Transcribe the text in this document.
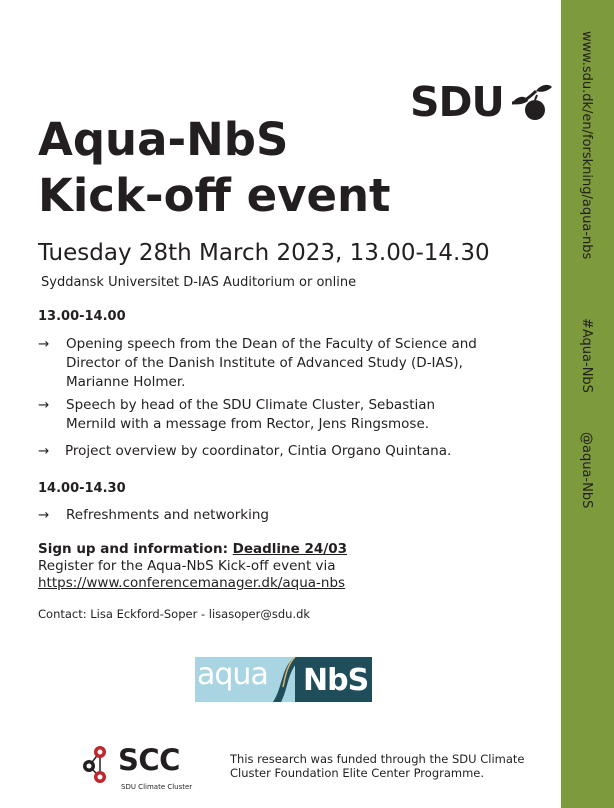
www.sdu.dk/en/forskning/aqua-nbs
#Aqua-NbS
@aqua-NbS
SDU
Aqua-NbS
Kick-off event
Tuesday 28th March 2023, 13.00-14.30
Syddansk Universitet D-IAS Auditorium or online
13.00-14.00
→	Opening speech from the Dean of the Faculty of Science and Director of the Danish Institute of Advanced Study (D-IAS), Marianne Holmer.
→	Speech by head of the SDU Climate Cluster, Sebastian Mernild with a message from Rector, Jens Ringsmose.
→	Project overview by coordinator, Cintia Organo Quintana.
14.00-14.30
→	Refreshments and networking
Sign up and information: Deadline 24/03
Register for the Aqua-NbS Kick-off event via
https://www.conferencemanager.dk/aqua-nbs
Contact: Lisa Eckford-Soper - lisasoper@sdu.dk
aqua NbS
SCC
SDU Climate Cluster
This research was funded through the SDU Climate Cluster Foundation Elite Center Programme.
